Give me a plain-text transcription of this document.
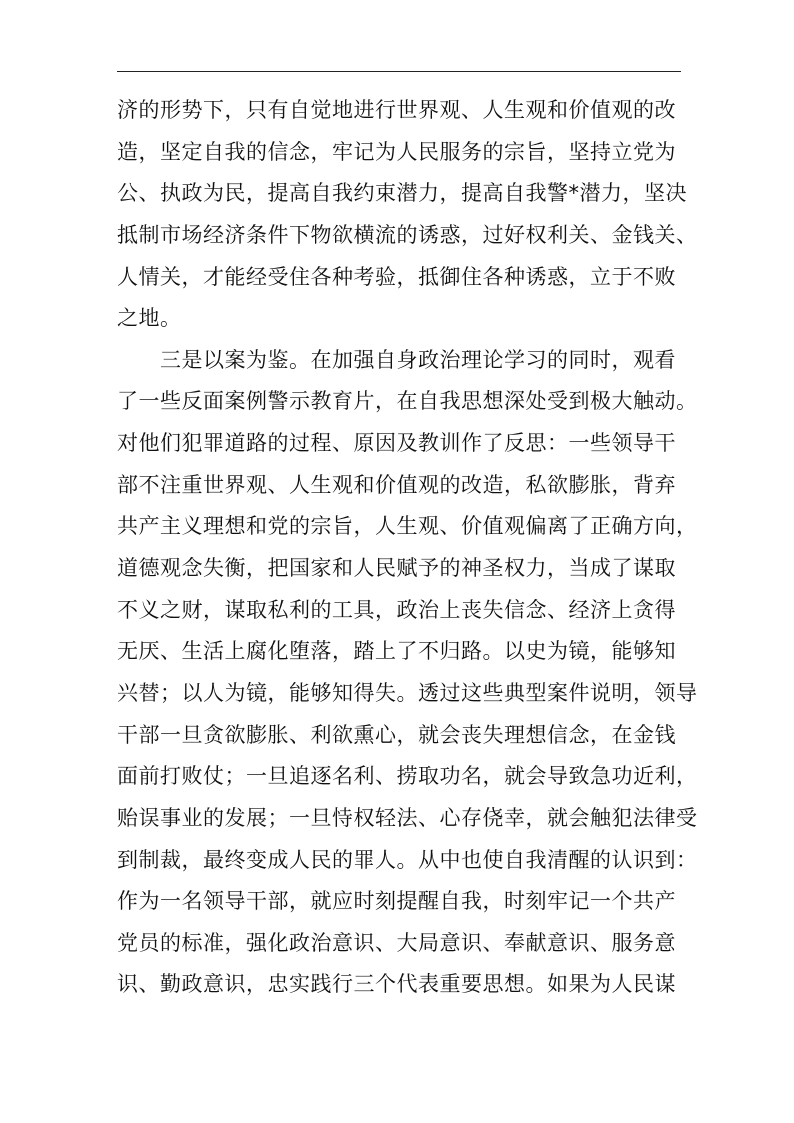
济的形势下，只有自觉地进行世界观、人生观和价值观的改
造，坚定自我的信念，牢记为人民服务的宗旨，坚持立党为
公、执政为民，提高自我约束潜力，提高自我警*潜力，坚决
抵制市场经济条件下物欲横流的诱惑，过好权利关、金钱关、
人情关，才能经受住各种考验，抵御住各种诱惑，立于不败
之地。
　　三是以案为鉴。在加强自身政治理论学习的同时，观看
了一些反面案例警示教育片，在自我思想深处受到极大触动。
对他们犯罪道路的过程、原因及教训作了反思：一些领导干
部不注重世界观、人生观和价值观的改造，私欲膨胀，背弃
共产主义理想和党的宗旨，人生观、价值观偏离了正确方向，
道德观念失衡，把国家和人民赋予的神圣权力，当成了谋取
不义之财，谋取私利的工具，政治上丧失信念、经济上贪得
无厌、生活上腐化堕落，踏上了不归路。以史为镜，能够知
兴替；以人为镜，能够知得失。透过这些典型案件说明，领导
干部一旦贪欲膨胀、利欲熏心，就会丧失理想信念，在金钱
面前打败仗；一旦追逐名利、捞取功名，就会导致急功近利，
贻误事业的发展；一旦恃权轻法、心存侥幸，就会触犯法律受
到制裁，最终变成人民的罪人。从中也使自我清醒的认识到：
作为一名领导干部，就应时刻提醒自我，时刻牢记一个共产
党员的标准，强化政治意识、大局意识、奉献意识、服务意
识、勤政意识，忠实践行三个代表重要思想。如果为人民谋
